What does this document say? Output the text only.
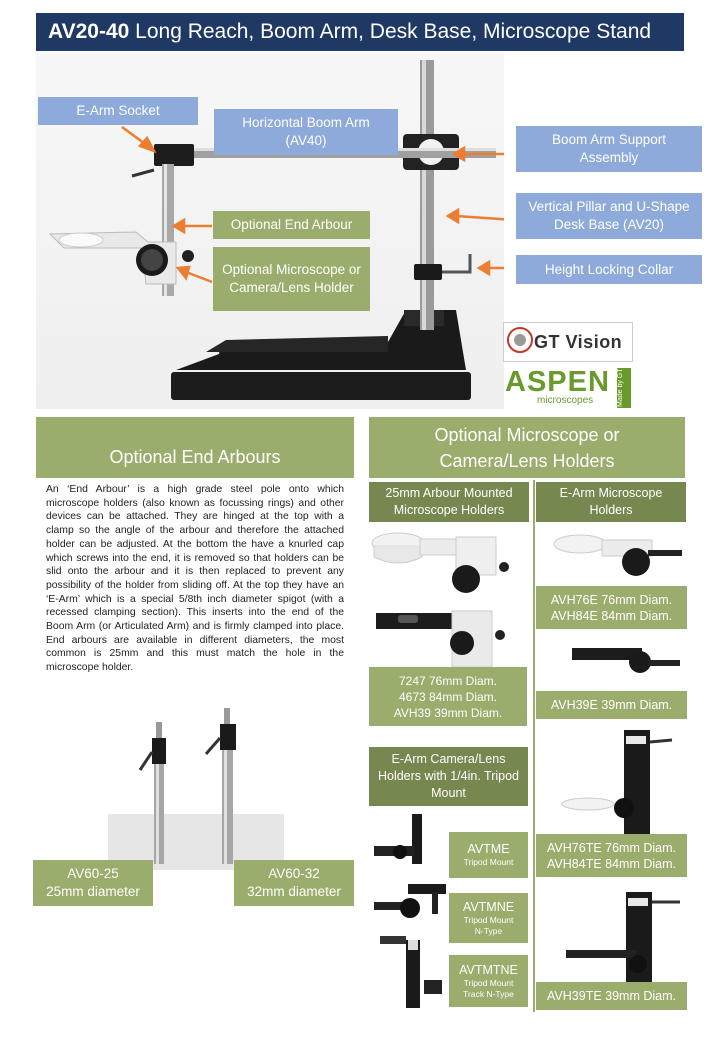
AV20-40 Long Reach, Boom Arm, Desk Base, Microscope Stand
E-Arm Socket
Horizontal Boom Arm (AV40)	Boom Arm Support Assembly
Vertical Pillar and U-Shape Desk Base (AV20)
Height Locking Collar
Optional End Arbour
Optional Microscope or Camera/Lens Holder
GT Vision
ASPEN
microscopes	Made by GT
Optional End Arbours

An ‘End Arbour’ is a high grade steel pole onto which microscope holders (also known as focussing rings) and other devices can be attached. They are hinged at the top with a clamp so the angle of the arbour and therefore the attached holder can be adjusted. At the bottom the have a knurled cap which screws into the end, it is removed so that holders can be slid onto the arbour and it is then replaced to prevent any possibility of the holder from sliding off. At the top they have an ‘E-Arm’ which is a special 5/8th inch diameter spigot (with a recessed clamping section). This inserts into the end of the Boom Arm (or Articulated Arm) and is firmly clamped into place. End arbours are available in different diameters, the most common is 25mm and this must match the hole in the microscope holder.

AV60-25
25mm diameter
AV60-32
32mm diameter
Optional Microscope or Camera/Lens Holders
25mm Arbour Mounted Microscope Holders
E-Arm Microscope Holders
7247 76mm Diam.
4673 84mm Diam.
AVH39 39mm Diam.
E-Arm Camera/Lens Holders with 1/4in. Tripod Mount
AVTME
Tripod Mount
AVTMNE
Tripod Mount
N-Type
AVTMTNE
Tripod Mount
Track N-Type
AVH76E 76mm Diam.
AVH84E 84mm Diam.
AVH39E 39mm Diam.
AVH76TE 76mm Diam.
AVH84TE 84mm Diam.
AVH39TE 39mm Diam.
